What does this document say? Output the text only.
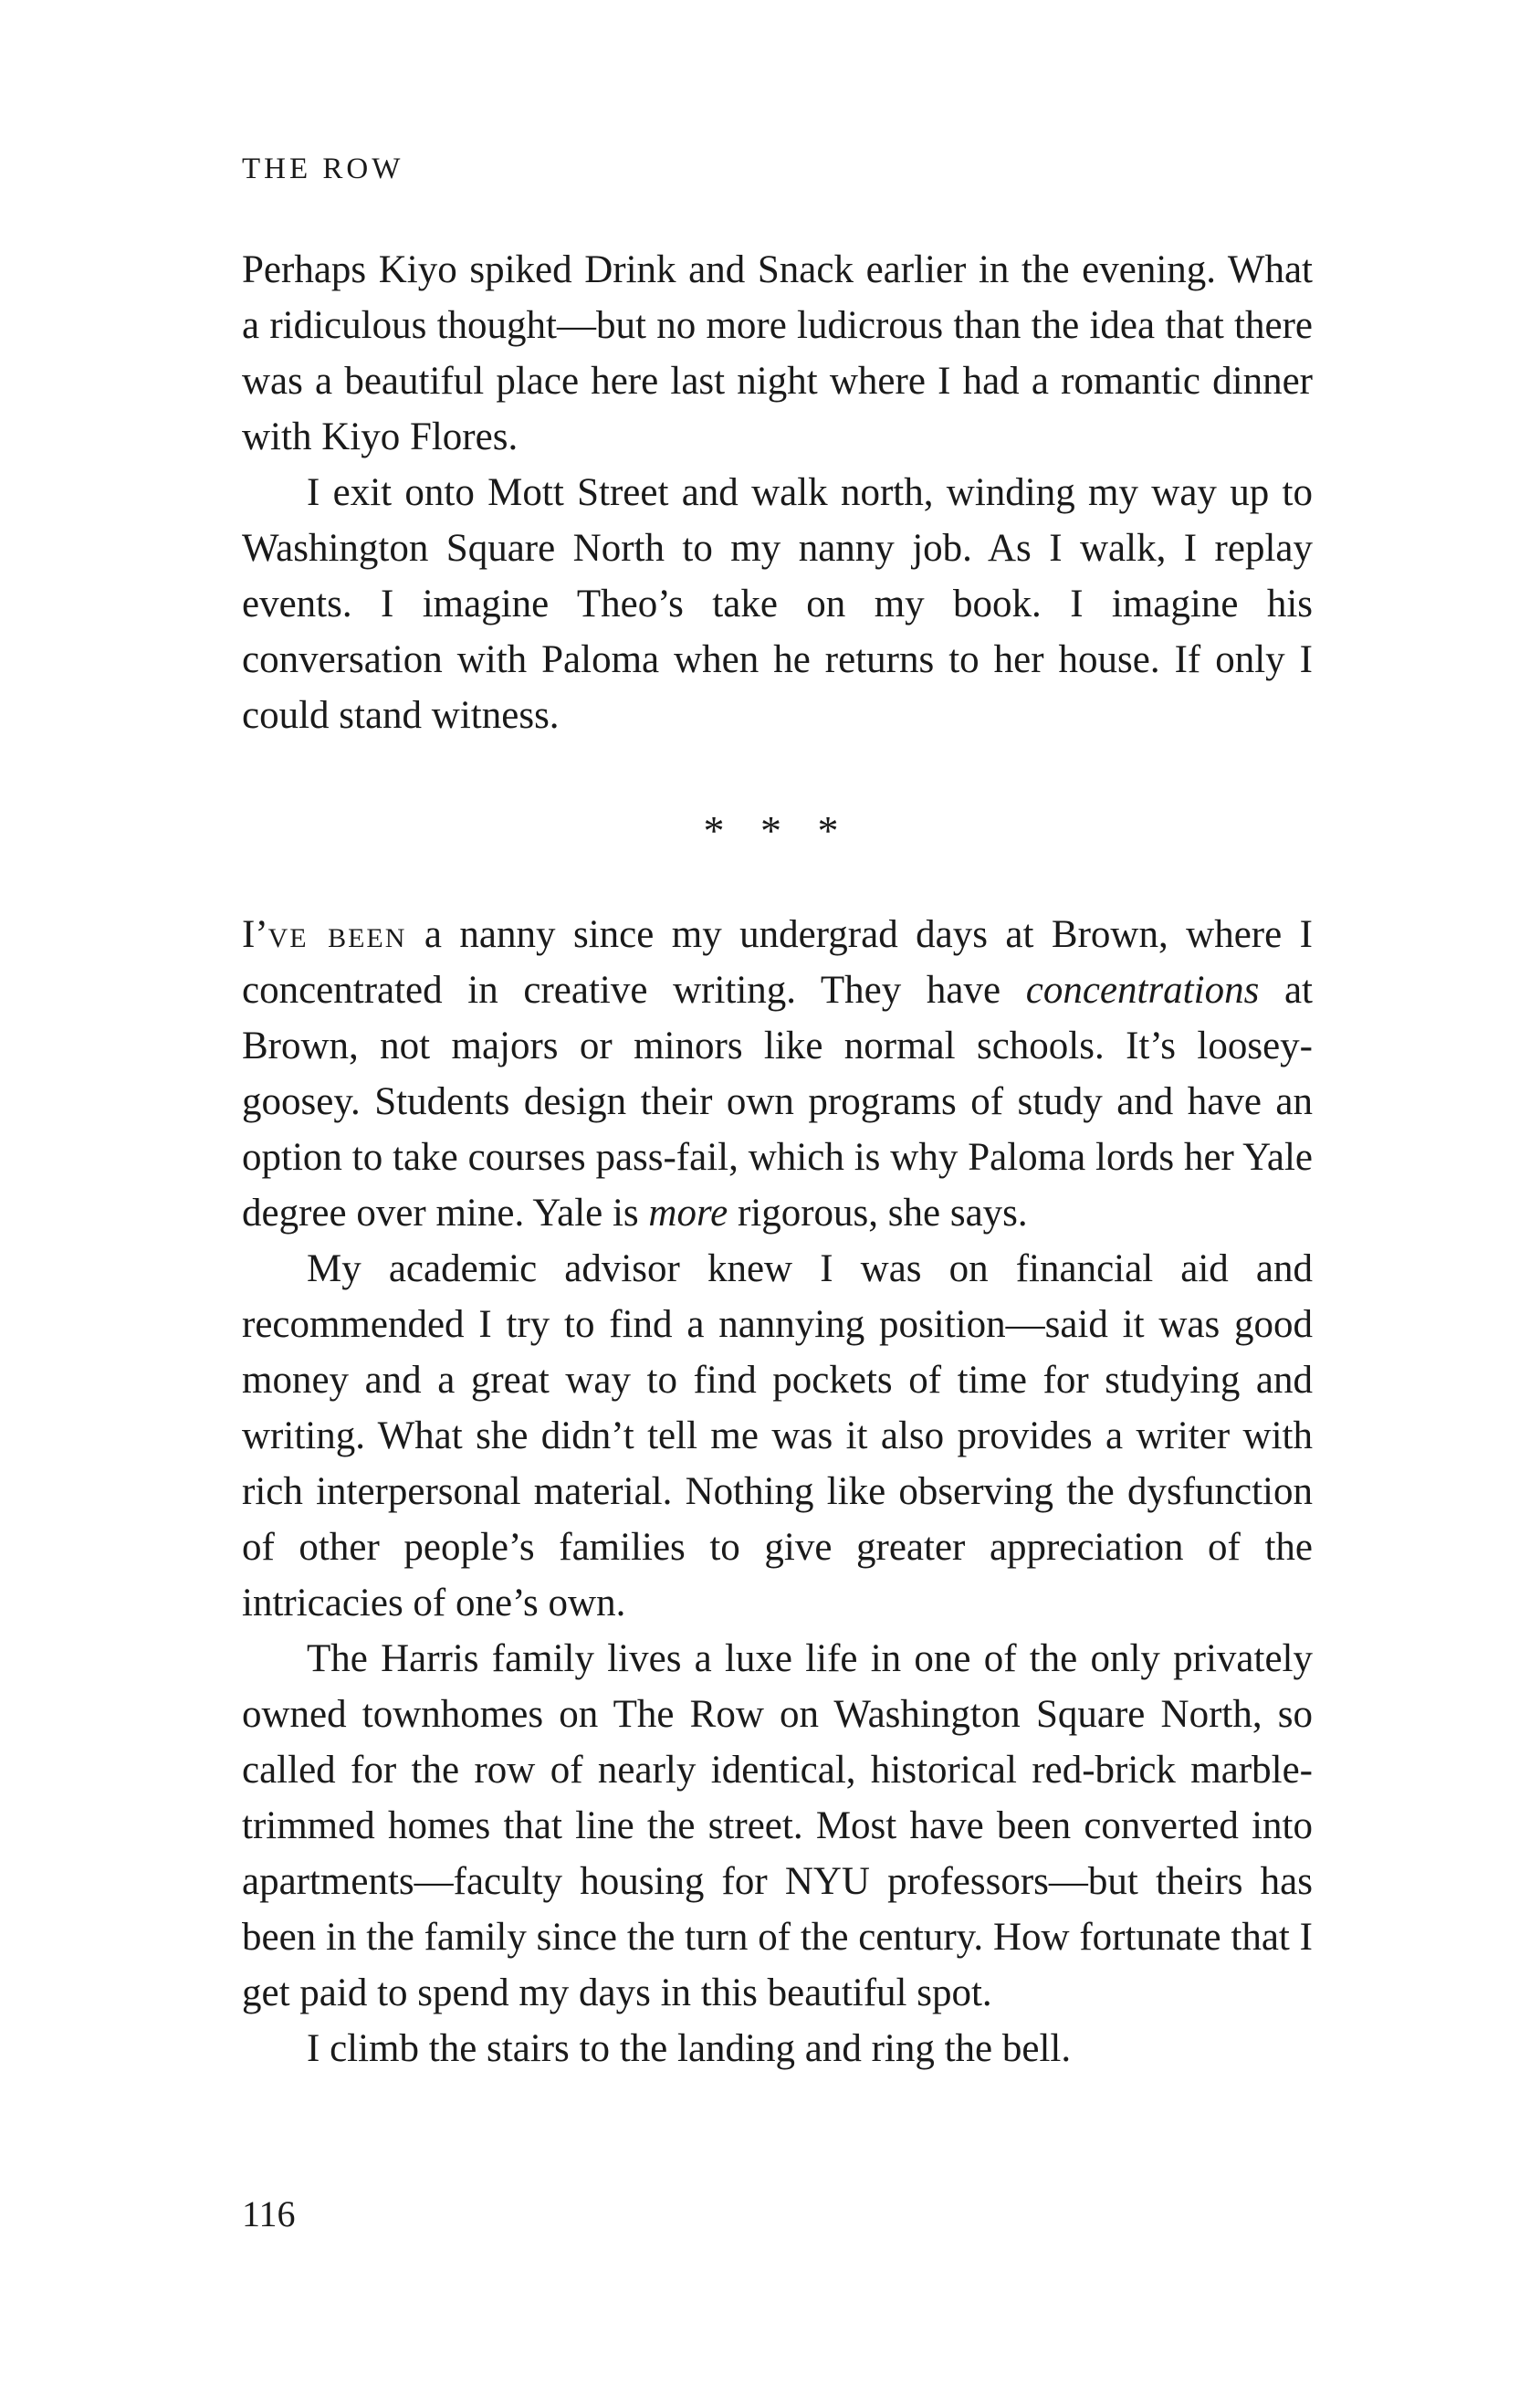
THE ROW

Perhaps Kiyo spiked Drink and Snack earlier in the evening. What a ridiculous thought—but no more ludicrous than the idea that there was a beautiful place here last night where I had a romantic dinner with Kiyo Flores.

I exit onto Mott Street and walk north, winding my way up to Washington Square North to my nanny job. As I walk, I replay events. I imagine Theo’s take on my book. I imagine his conversation with Paloma when he returns to her house. If only I could stand witness.

* * *

I’ve been a nanny since my undergrad days at Brown, where I concentrated in creative writing. They have concentrations at Brown, not majors or minors like normal schools. It’s loosey-goosey. Students design their own programs of study and have an option to take courses pass-fail, which is why Paloma lords her Yale degree over mine. Yale is more rigorous, she says.

My academic advisor knew I was on financial aid and recommended I try to find a nannying position—said it was good money and a great way to find pockets of time for studying and writing. What she didn’t tell me was it also provides a writer with rich interpersonal material. Nothing like observing the dysfunction of other people’s families to give greater appreciation of the intricacies of one’s own.

The Harris family lives a luxe life in one of the only privately owned townhomes on The Row on Washington Square North, so called for the row of nearly identical, historical red-brick marble-trimmed homes that line the street. Most have been converted into apartments—faculty housing for NYU professors—but theirs has been in the family since the turn of the century. How fortunate that I get paid to spend my days in this beautiful spot.

I climb the stairs to the landing and ring the bell.

116
